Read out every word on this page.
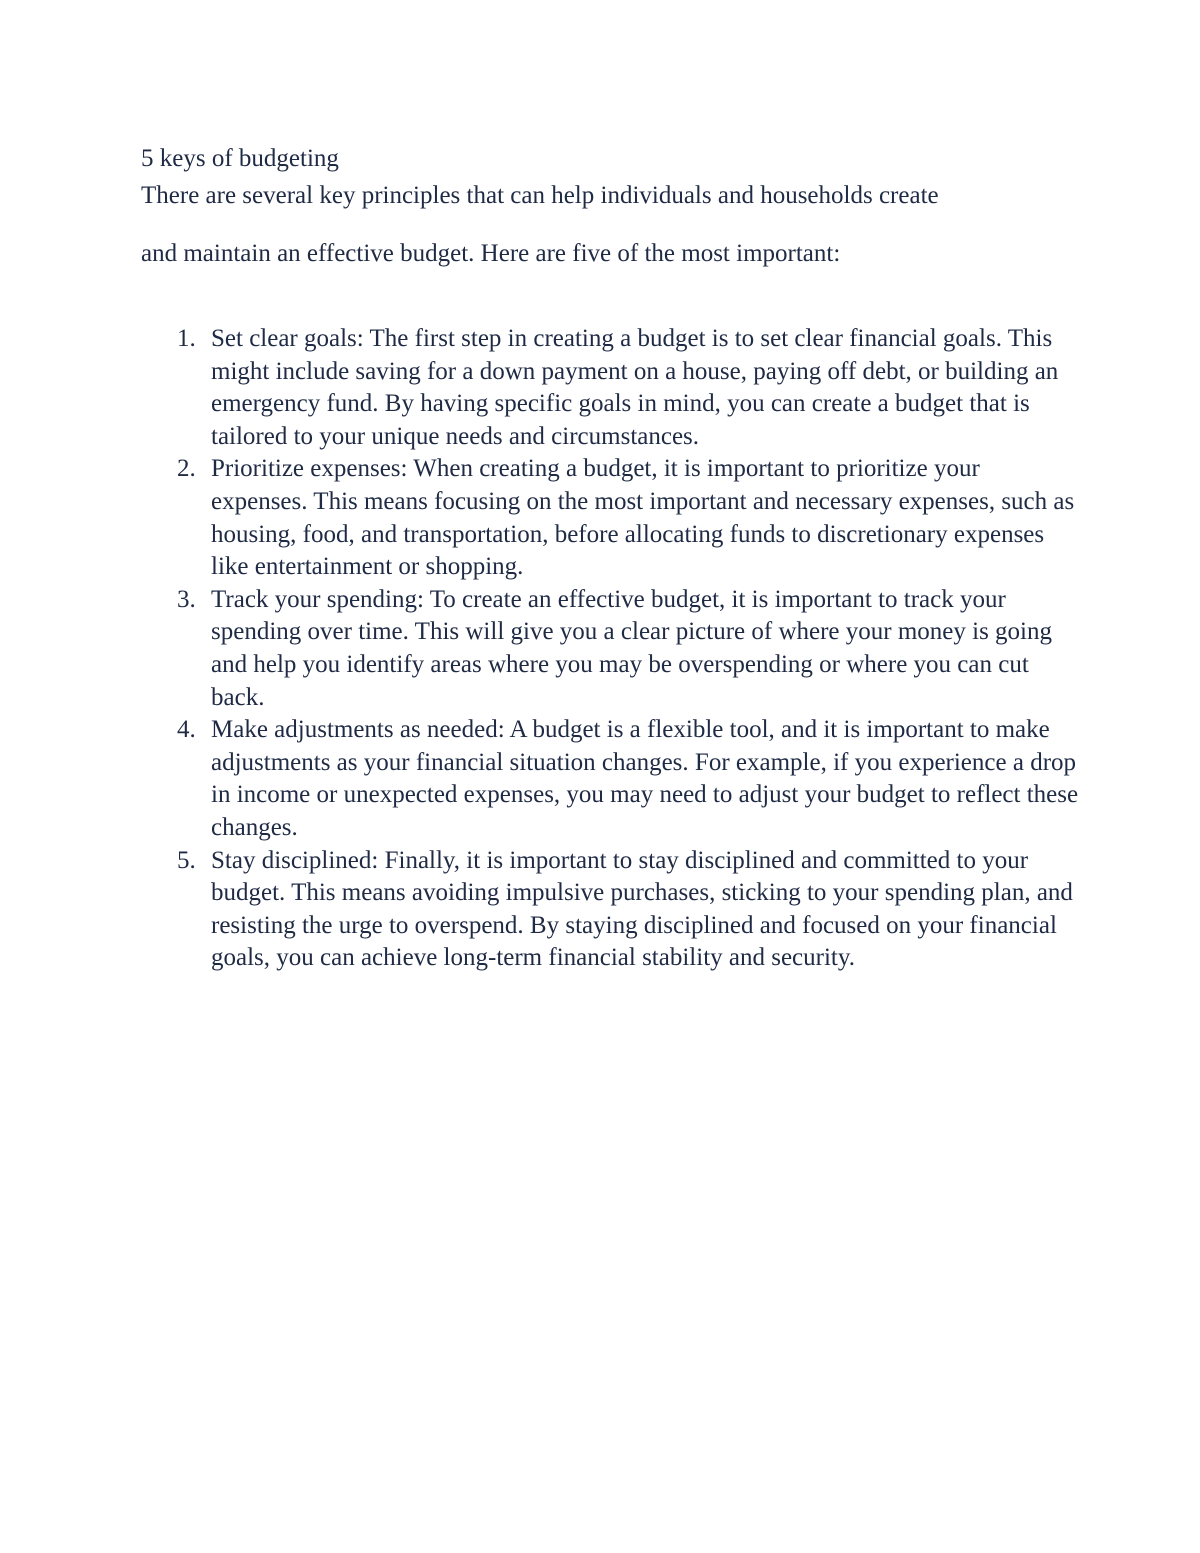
5 keys of budgeting

There are several key principles that can help individuals and households create

and maintain an effective budget. Here are five of the most important:

1. Set clear goals: The first step in creating a budget is to set clear financial goals. This might include saving for a down payment on a house, paying off debt, or building an emergency fund. By having specific goals in mind, you can create a budget that is tailored to your unique needs and circumstances.
2. Prioritize expenses: When creating a budget, it is important to prioritize your expenses. This means focusing on the most important and necessary expenses, such as housing, food, and transportation, before allocating funds to discretionary expenses like entertainment or shopping.
3. Track your spending: To create an effective budget, it is important to track your spending over time. This will give you a clear picture of where your money is going and help you identify areas where you may be overspending or where you can cut back.
4. Make adjustments as needed: A budget is a flexible tool, and it is important to make adjustments as your financial situation changes. For example, if you experience a drop in income or unexpected expenses, you may need to adjust your budget to reflect these changes.
5. Stay disciplined: Finally, it is important to stay disciplined and committed to your budget. This means avoiding impulsive purchases, sticking to your spending plan, and resisting the urge to overspend. By staying disciplined and focused on your financial goals, you can achieve long-term financial stability and security.
